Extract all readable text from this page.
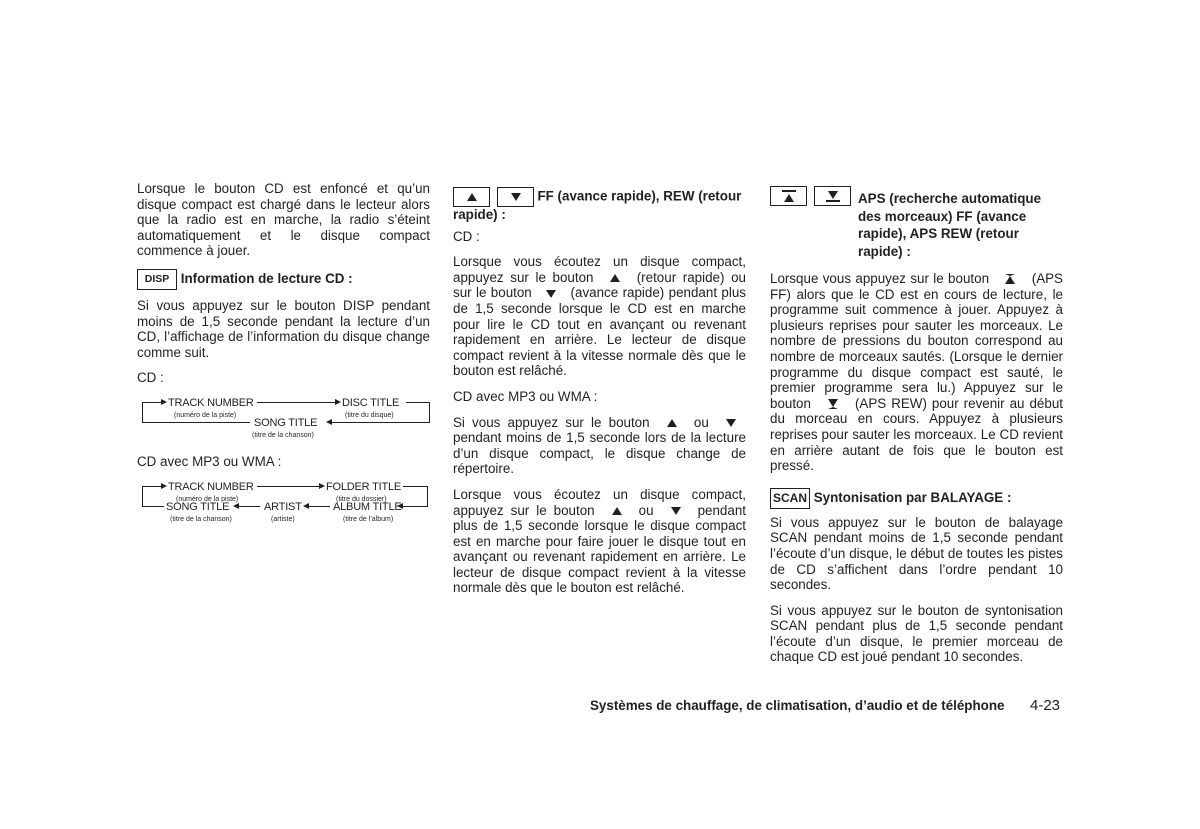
Lorsque le bouton CD est enfoncé et qu’un disque compact est chargé dans le lecteur alors que la radio est en marche, la radio s’éteint automatiquement et le disque compact commence à jouer.

DISP Information de lecture CD :

Si vous appuyez sur le bouton DISP pendant moins de 1,5 seconde pendant la lecture d’un CD, l’affichage de l’information du disque change comme suit.

CD :

TRACK NUMBER
(numéro de la piste)
DISC TITLE
(titre du disque)
SONG TITLE
(titre de la chanson)

CD avec MP3 ou WMA :

TRACK NUMBER
(numéro de la piste)
FOLDER TITLE
(titre du dossier)
ALBUM TITLE
(titre de l’album)
ARTIST
(artiste)
SONG TITLE
(titre de la chanson)

FF (avance rapide), REW (retour rapide) :

CD :

Lorsque vous écoutez un disque compact, appuyez sur le bouton	(retour rapide) ou sur le bouton	(avance rapide) pendant plus de 1,5 seconde lorsque le CD est en marche pour lire le CD tout en avançant ou revenant rapidement en arrière. Le lecteur de disque compact revient à la vitesse normale dès que le bouton est relâché.

CD avec MP3 ou WMA :

Si vous appuyez sur le bouton	ou  pendant moins de 1,5 seconde lors de la lecture d’un disque compact, le disque change de répertoire.

Lorsque vous écoutez un disque compact, appuyez sur le bouton	ou	pendant plus de 1,5 seconde lorsque le disque compact est en marche pour faire jouer le disque tout en avançant ou revenant rapidement en arrière. Le lecteur de disque compact revient à la vitesse normale dès que le bouton est relâché.

APS (recherche automatique des morceaux) FF (avance rapide), APS REW (retour rapide) :

Lorsque vous appuyez sur le bouton	(APS FF) alors que le CD est en cours de lecture, le programme suit commence à jouer. Appuyez à plusieurs reprises pour sauter les morceaux. Le nombre de pressions du bouton correspond au nombre de morceaux sautés. (Lorsque le dernier programme du disque compact est sauté, le premier programme sera lu.) Appuyez sur le bouton	(APS REW) pour revenir au début du morceau en cours. Appuyez à plusieurs reprises pour sauter les morceaux. Le CD revient en arrière autant de fois que le bouton est pressé.

SCAN Syntonisation par BALAYAGE :

Si vous appuyez sur le bouton de balayage SCAN pendant moins de 1,5 seconde pendant l’écoute d’un disque, le début de toutes les pistes de CD s’affichent dans l’ordre pendant 10 secondes.

Si vous appuyez sur le bouton de syntonisation SCAN pendant plus de 1,5 seconde pendant l’écoute d’un disque, le premier morceau de chaque CD est joué pendant 10 secondes.

Systèmes de chauffage, de climatisation, d’audio et de téléphone 4-23
